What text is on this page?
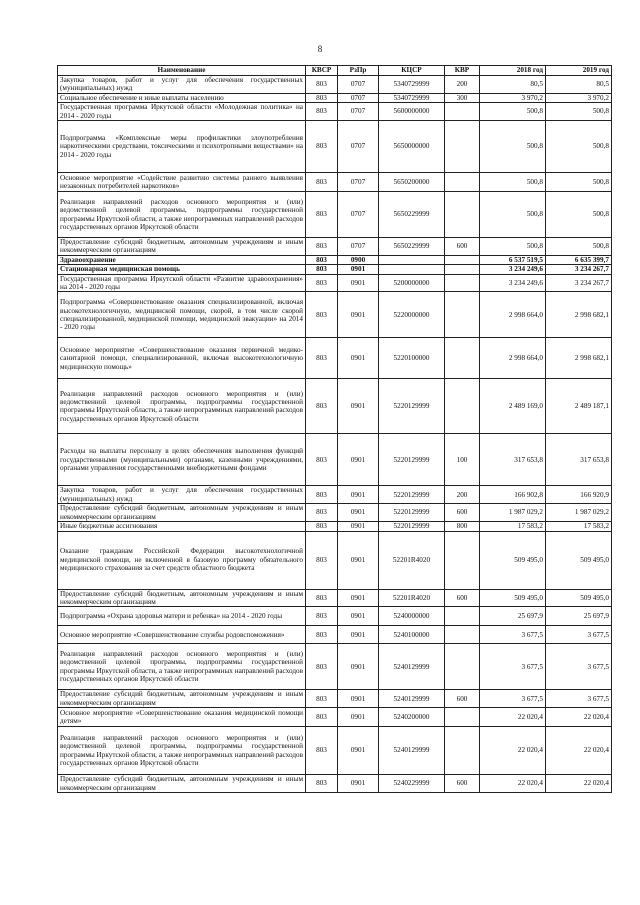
8
Наименование	КВСР	РзПр	КЦСР	КВР	2018 год	2019 год
Закупка товаров, работ и услуг для обеспечения государственных (муниципальных) нужд	803	0707	5340729999	200	80,5	80,5
Социальное обеспечение и иные выплаты населению	803	0707	5340729999	300	3 970,2	3 970,2
Государственная программа Иркутской области «Молодежная политика» на 2014 - 2020 годы	803	0707	5600000000		500,8	500,8
Подпрограмма «Комплексные меры профилактики злоупотребления наркотическими средствами, токсическими и психотропными веществами» на 2014 - 2020 годы	803	0707	5650000000		500,8	500,8
Основное мероприятие «Содействие развитию системы раннего выявления незаконных потребителей наркотиков»	803	0707	5650200000		500,8	500,8
Реализация направлений расходов основного мероприятия и (или) ведомственной целевой программы, подпрограммы государственной программы Иркутской области, а также непрограммных направлений расходов государственных органов Иркутской области	803	0707	5650229999		500,8	500,8
Предоставление субсидий бюджетным, автономным учреждениям и иным некоммерческим организациям	803	0707	5650229999	600	500,8	500,8
Здравоохранение	803	0900			6 537 519,5	6 635 399,7
Стационарная медицинская помощь	803	0901			3 234 249,6	3 234 267,7
Государственная программа Иркутской области «Развитие здравоохранения» на 2014 - 2020 годы	803	0901	5200000000		3 234 249,6	3 234 267,7
Подпрограмма «Совершенствование оказания специализированной, включая высокотехнологичную, медицинской помощи, скорой, в том числе скорой специализированной, медицинской помощи, медицинской эвакуации» на 2014 - 2020 годы	803	0901	5220000000		2 998 664,0	2 998 682,1
Основное мероприятие «Совершенствование оказания первичной медико-санитарной помощи, специализированной, включая высокотехнологичную медицинскую помощь»	803	0901	5220100000		2 998 664,0	2 998 682,1
Реализация направлений расходов основного мероприятия и (или) ведомственной целевой программы, подпрограммы государственной программы Иркутской области, а также непрограммных направлений расходов государственных органов Иркутской области	803	0901	5220129999		2 489 169,0	2 489 187,1
Расходы на выплаты персоналу в целях обеспечения выполнения функций государственными (муниципальными) органами, казенными учреждениями, органами управления государственными внебюджетными фондами	803	0901	5220129999	100	317 653,8	317 653,8
Закупка товаров, работ и услуг для обеспечения государственных (муниципальных) нужд	803	0901	5220129999	200	166 902,8	166 920,9
Предоставление субсидий бюджетным, автономным учреждениям и иным некоммерческим организациям	803	0901	5220129999	600	1 987 029,2	1 987 029,2
Иные бюджетные ассигнования	803	0901	5220129999	800	17 583,2	17 583,2
Оказание гражданам Российской Федерации высокотехнологичной медицинской помощи, не включенной в базовую программу обязательного медицинского страхования за счет средств областного бюджета	803	0901	52201R4020		509 495,0	509 495,0
Предоставление субсидий бюджетным, автономным учреждениям и иным некоммерческим организациям	803	0901	52201R4020	600	509 495,0	509 495,0
Подпрограмма «Охрана здоровья матери и ребенка» на 2014 - 2020 годы	803	0901	5240000000		25 697,9	25 697,9
Основное мероприятие «Совершенствование службы родовспоможения»	803	0901	5240100000		3 677,5	3 677,5
Реализация направлений расходов основного мероприятия и (или) ведомственной целевой программы, подпрограммы государственной программы Иркутской области, а также непрограммных направлений расходов государственных органов Иркутской области	803	0901	5240129999		3 677,5	3 677,5
Предоставление субсидий бюджетным, автономным учреждениям и иным некоммерческим организациям	803	0901	5240129999	600	3 677,5	3 677,5
Основное мероприятие «Совершенствование оказания медицинской помощи детям»	803	0901	5240200000		22 020,4	22 020,4
Реализация направлений расходов основного мероприятия и (или) ведомственной целевой программы, подпрограммы государственной программы Иркутской области, а также непрограммных направлений расходов государственных органов Иркутской области	803	0901	5240129999		22 020,4	22 020,4
Предоставление субсидий бюджетным, автономным учреждениям и иным некоммерческим организациям	803	0901	5240229999	600	22 020,4	22 020,4
